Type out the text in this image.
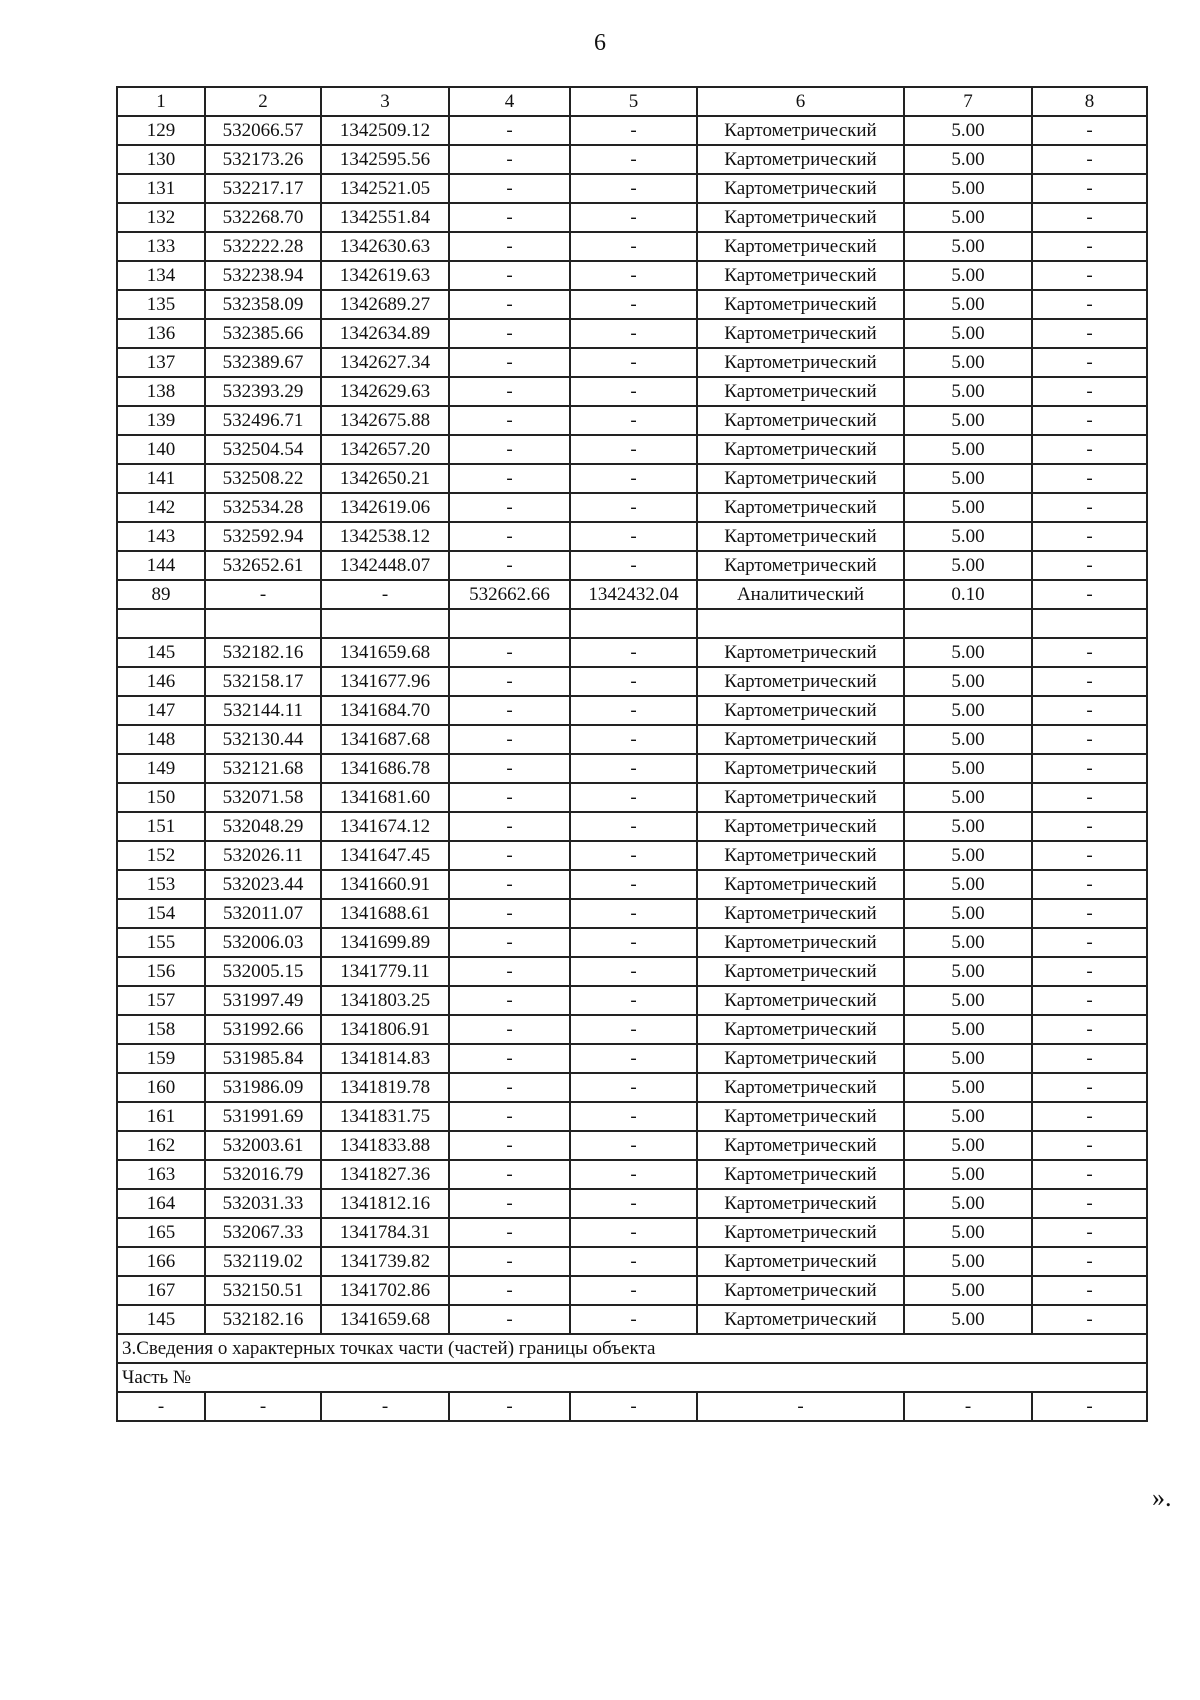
6
1	2	3	4	5	6	7	8
129	532066.57	1342509.12	-	-	Картометрический	5.00	-
130	532173.26	1342595.56	-	-	Картометрический	5.00	-
131	532217.17	1342521.05	-	-	Картометрический	5.00	-
132	532268.70	1342551.84	-	-	Картометрический	5.00	-
133	532222.28	1342630.63	-	-	Картометрический	5.00	-
134	532238.94	1342619.63	-	-	Картометрический	5.00	-
135	532358.09	1342689.27	-	-	Картометрический	5.00	-
136	532385.66	1342634.89	-	-	Картометрический	5.00	-
137	532389.67	1342627.34	-	-	Картометрический	5.00	-
138	532393.29	1342629.63	-	-	Картометрический	5.00	-
139	532496.71	1342675.88	-	-	Картометрический	5.00	-
140	532504.54	1342657.20	-	-	Картометрический	5.00	-
141	532508.22	1342650.21	-	-	Картометрический	5.00	-
142	532534.28	1342619.06	-	-	Картометрический	5.00	-
143	532592.94	1342538.12	-	-	Картометрический	5.00	-
144	532652.61	1342448.07	-	-	Картометрический	5.00	-
89	-	-	532662.66	1342432.04	Аналитический	0.10	-

145	532182.16	1341659.68	-	-	Картометрический	5.00	-
146	532158.17	1341677.96	-	-	Картометрический	5.00	-
147	532144.11	1341684.70	-	-	Картометрический	5.00	-
148	532130.44	1341687.68	-	-	Картометрический	5.00	-
149	532121.68	1341686.78	-	-	Картометрический	5.00	-
150	532071.58	1341681.60	-	-	Картометрический	5.00	-
151	532048.29	1341674.12	-	-	Картометрический	5.00	-
152	532026.11	1341647.45	-	-	Картометрический	5.00	-
153	532023.44	1341660.91	-	-	Картометрический	5.00	-
154	532011.07	1341688.61	-	-	Картометрический	5.00	-
155	532006.03	1341699.89	-	-	Картометрический	5.00	-
156	532005.15	1341779.11	-	-	Картометрический	5.00	-
157	531997.49	1341803.25	-	-	Картометрический	5.00	-
158	531992.66	1341806.91	-	-	Картометрический	5.00	-
159	531985.84	1341814.83	-	-	Картометрический	5.00	-
160	531986.09	1341819.78	-	-	Картометрический	5.00	-
161	531991.69	1341831.75	-	-	Картометрический	5.00	-
162	532003.61	1341833.88	-	-	Картометрический	5.00	-
163	532016.79	1341827.36	-	-	Картометрический	5.00	-
164	532031.33	1341812.16	-	-	Картометрический	5.00	-
165	532067.33	1341784.31	-	-	Картометрический	5.00	-
166	532119.02	1341739.82	-	-	Картометрический	5.00	-
167	532150.51	1341702.86	-	-	Картометрический	5.00	-
145	532182.16	1341659.68	-	-	Картометрический	5.00	-
3.Сведения о характерных точках части (частей) границы объекта							
Часть №							
-	-	-	-	-	-	-	-
».
